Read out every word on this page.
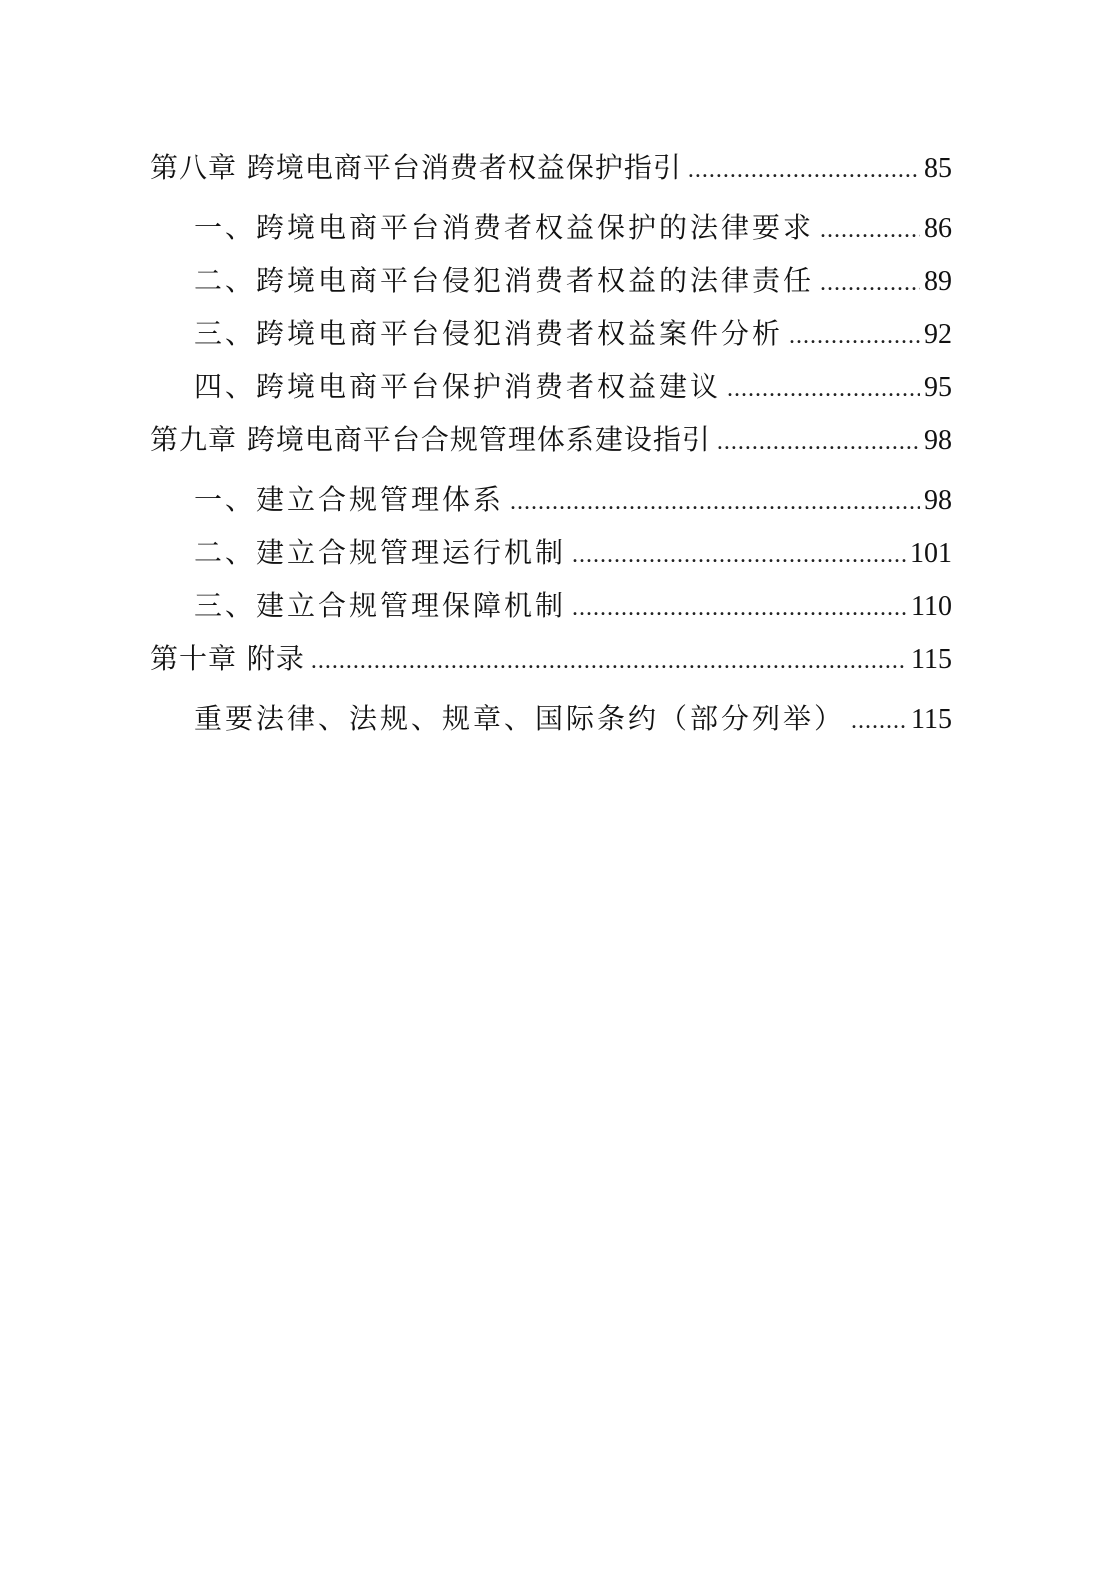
第八章 跨境电商平台消费者权益保护指引 .....	85
一、跨境电商平台消费者权益保护的法律要求 .....	86
二、跨境电商平台侵犯消费者权益的法律责任 .....	89
三、跨境电商平台侵犯消费者权益案件分析 .....	92
四、跨境电商平台保护消费者权益建议 .....	95
第九章 跨境电商平台合规管理体系建设指引 .....	98
一、建立合规管理体系 .....	98
二、建立合规管理运行机制 .....	101
三、建立合规管理保障机制 .....	110
第十章 附录 .....	115
重要法律、法规、规章、国际条约（部分列举） ..... 115
